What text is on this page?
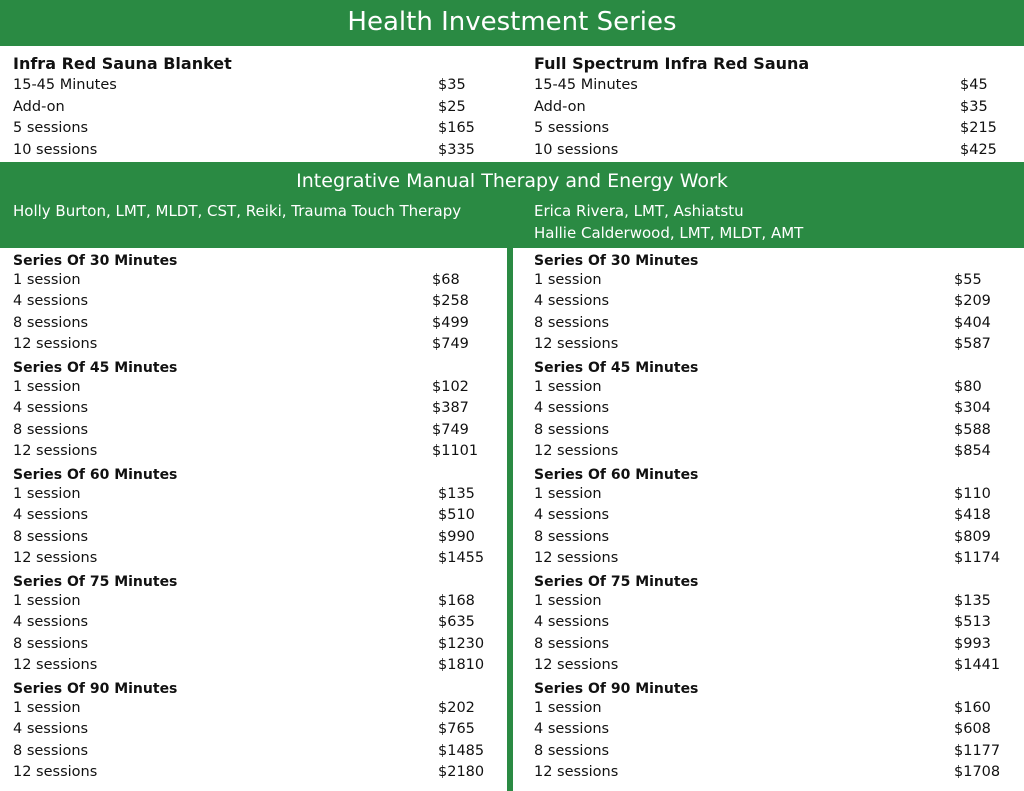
Health Investment Series
Infra Red Sauna Blanket
15-45 Minutes	$35
Add-on	$25
5 sessions	$165
10 sessions	$335
Full Spectrum Infra Red Sauna
15-45 Minutes	$45
Add-on	$35
5 sessions	$215
10 sessions	$425
Integrative Manual Therapy and Energy Work
Holly Burton, LMT, MLDT, CST, Reiki, Trauma Touch Therapy	Erica Rivera, LMT, Ashiatstu
Hallie Calderwood, LMT, MLDT, AMT
Series Of 30 Minutes
1 session	$68
4 sessions	$258
8 sessions	$499
12 sessions	$749
Series Of 45 Minutes
1 session	$102
4 sessions	$387
8 sessions	$749
12 sessions	$1101
Series Of 60 Minutes
1 session	$135
4 sessions	$510
8 sessions	$990
12 sessions	$1455
Series Of 75 Minutes
1 session	$168
4 sessions	$635
8 sessions	$1230
12 sessions	$1810
Series Of 90 Minutes
1 session	$202
4 sessions	$765
8 sessions	$1485
12 sessions	$2180
Series Of 30 Minutes
1 session	$55
4 sessions	$209
8 sessions	$404
12 sessions	$587
Series Of 45 Minutes
1 session	$80
4 sessions	$304
8 sessions	$588
12 sessions	$854
Series Of 60 Minutes
1 session	$110
4 sessions	$418
8 sessions	$809
12 sessions	$1174
Series Of 75 Minutes
1 session	$135
4 sessions	$513
8 sessions	$993
12 sessions	$1441
Series Of 90 Minutes
1 session	$160
4 sessions	$608
8 sessions	$1177
12 sessions	$1708
